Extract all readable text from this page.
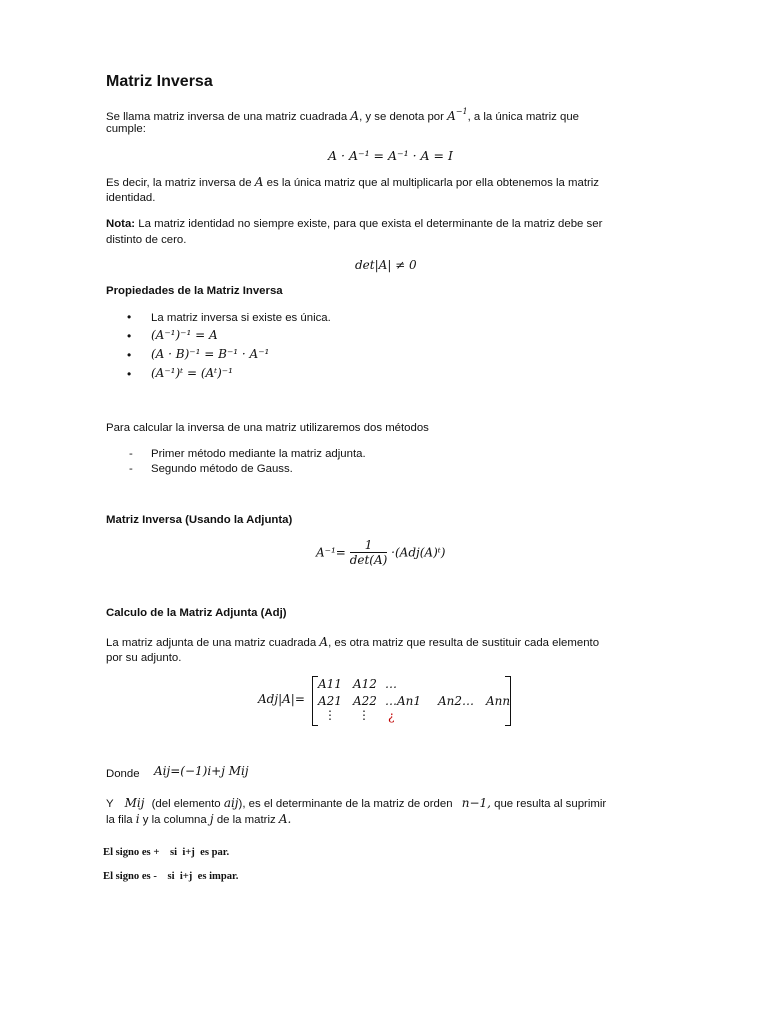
Matriz Inversa
Se llama matriz inversa de una matriz cuadrada A, y se denota por $A^{-1}$, a la única matriz que
cumple:
A · A⁻¹ = A⁻¹ · A = I
Es decir, la matriz inversa de A es la única matriz que al multiplicarla por ella obtenemos la matriz
identidad.
Nota: La matriz identidad no siempre existe, para que exista el determinante de la matriz debe ser
distinto de cero.
det|A| ≠ 0
Propiedades de la Matriz Inversa
• La matriz inversa si existe es única.
• (A⁻¹)⁻¹ = A
• (A · B)⁻¹ = B⁻¹ · A⁻¹
• (A⁻¹)ᵗ = (Aᵗ)⁻¹
Para calcular la inversa de una matriz utilizaremos dos métodos
- Primer método mediante la matriz adjunta.
- Segundo método de Gauss.
Matriz Inversa (Usando la Adjunta)
$A^{-1}= \frac{1}{\det(A)}$ ·(Adj(A)ᵗ)
Calculo de la Matriz Adjunta (Adj)
La matriz adjunta de una matriz cuadrada A, es otra matriz que resulta de sustituir cada elemento
por su adjunto.
Adj|A|=
A11 A12 …
A21 A22 …An1 An2… Ann
⋮ ⋮ ¿
Donde Aij=(−1)i+j Mij
Y Mij (del elemento aij), es el determinante de la matriz de orden n−1, que resulta al suprimir
la fila i y la columna j de la matriz A.
El signo es +    si  i+j  es par.
El signo es -    si  i+j  es impar.
